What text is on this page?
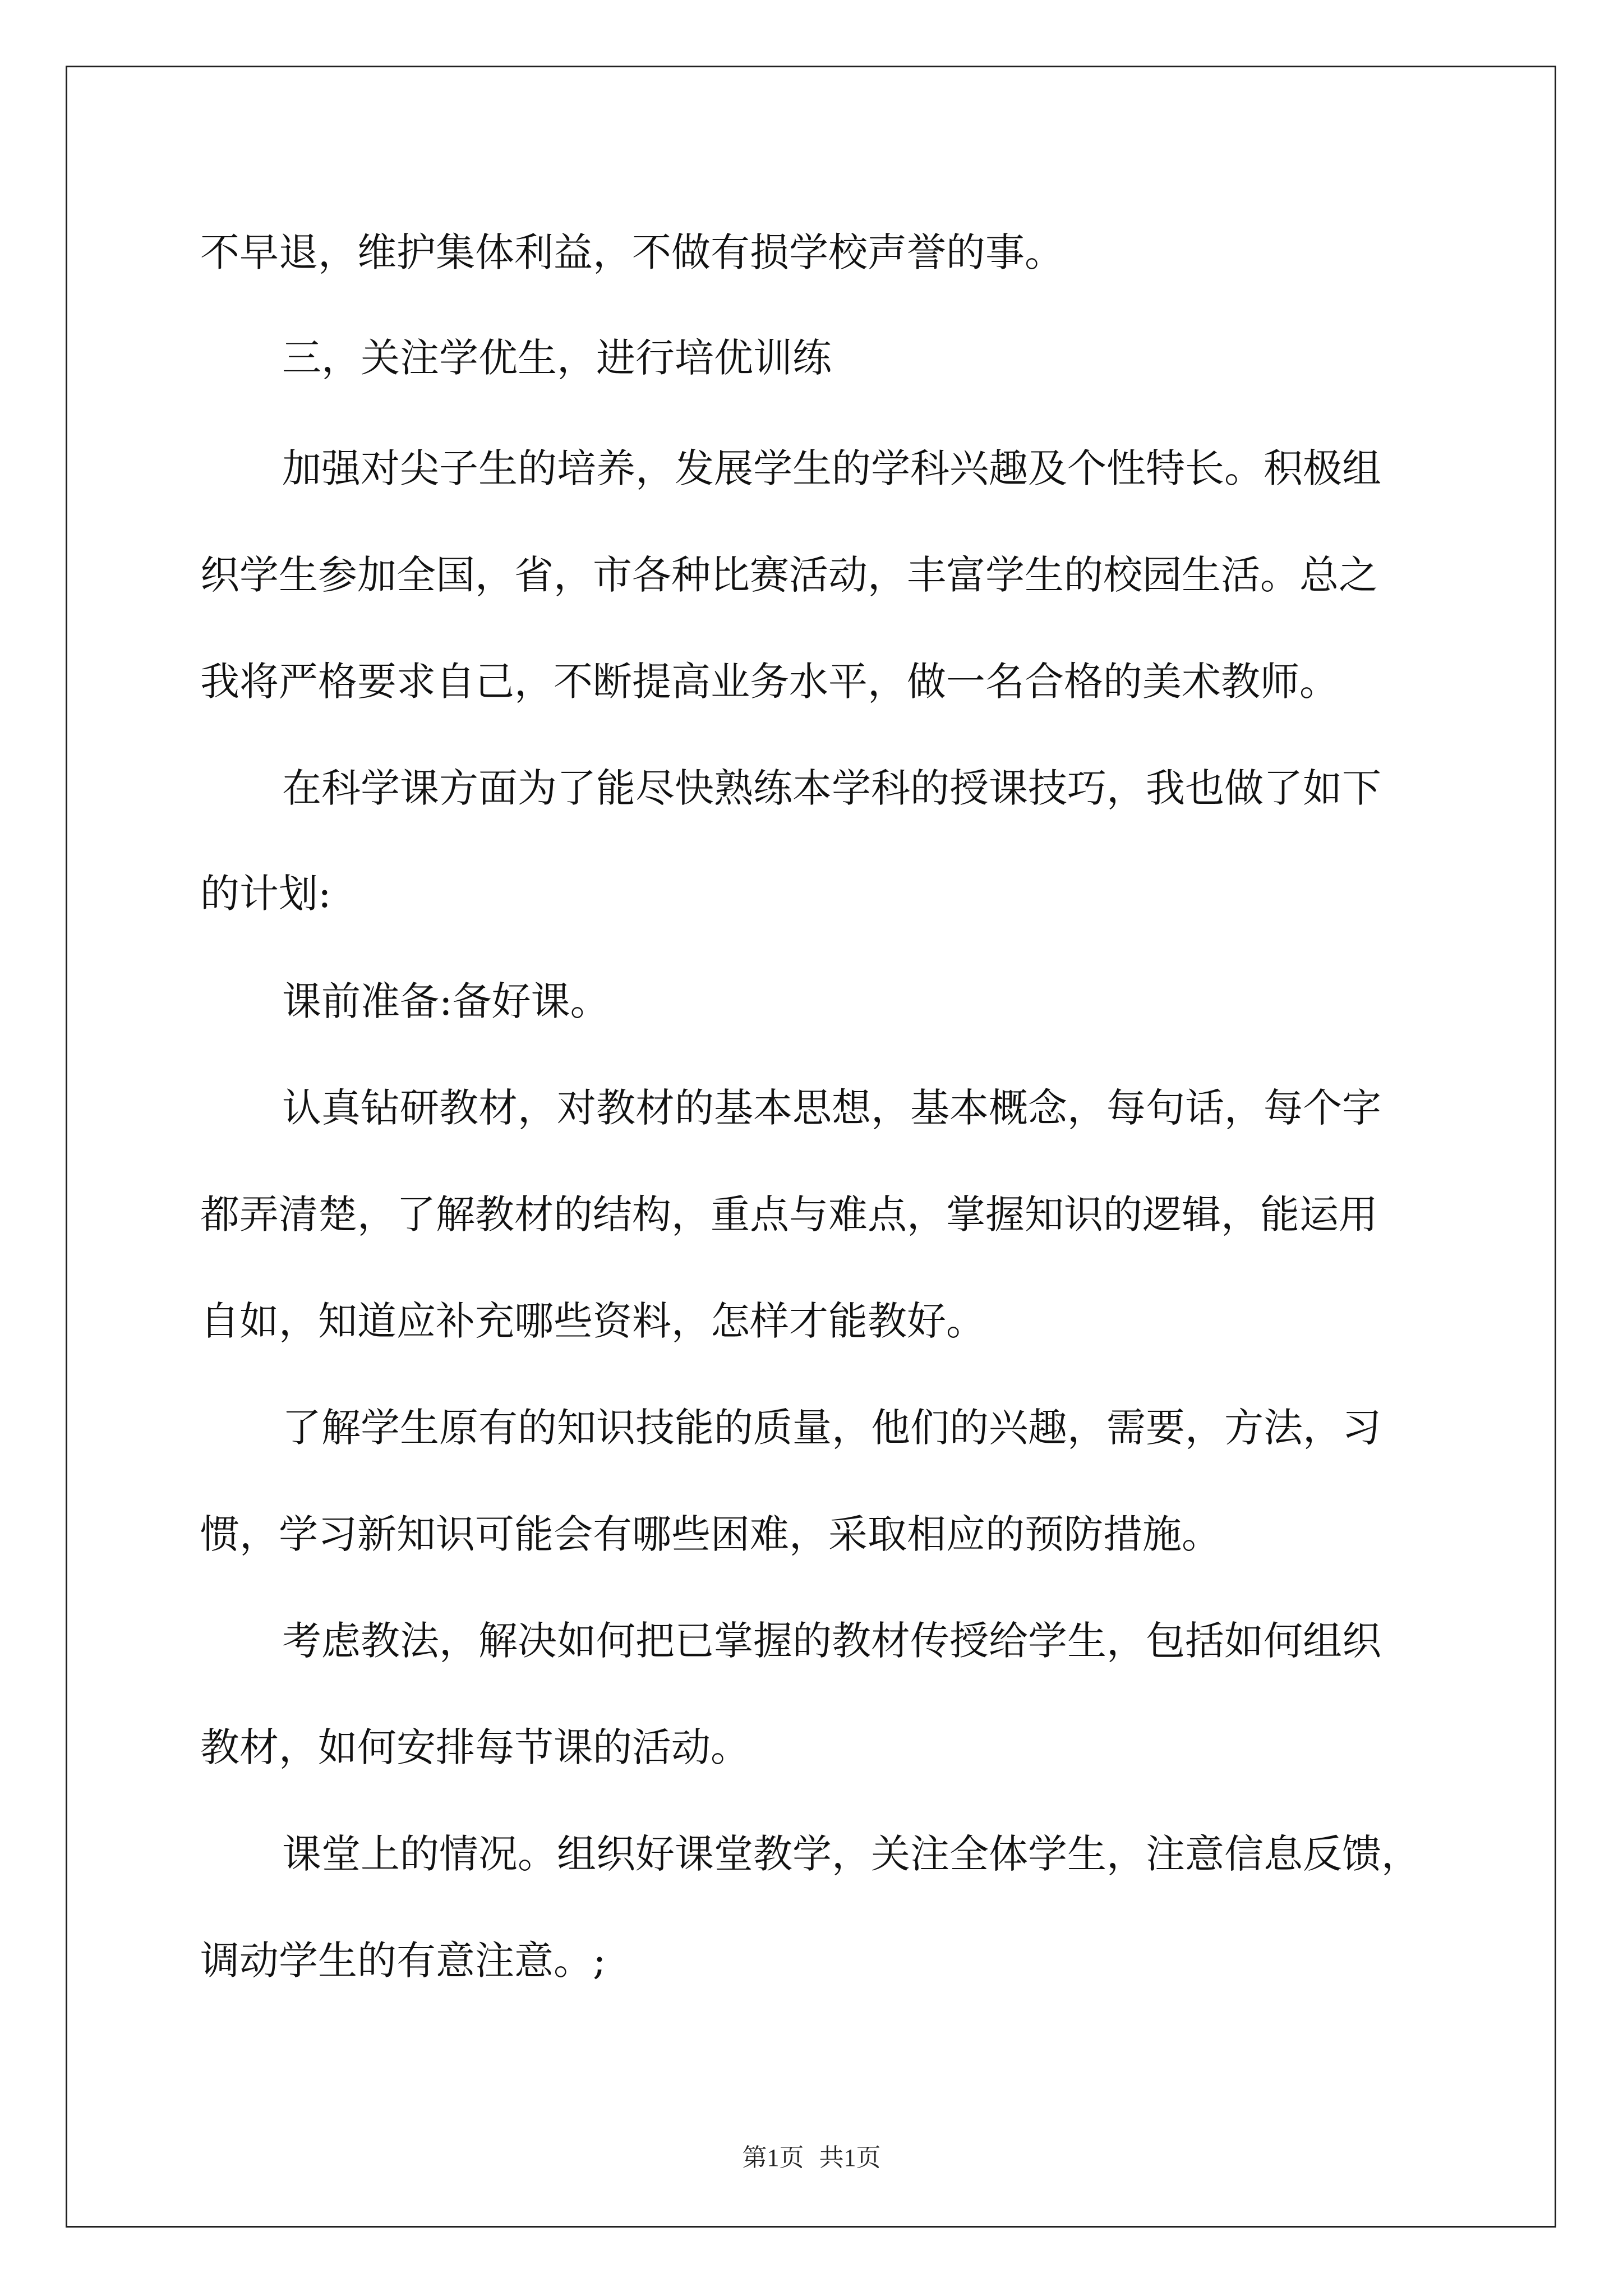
不早退，维护集体利益，不做有损学校声誉的事。
三，关注学优生，进行培优训练
加强对尖子生的培养，发展学生的学科兴趣及个性特长。积极组
织学生参加全国，省，市各种比赛活动，丰富学生的校园生活。总之
我将严格要求自己，不断提高业务水平，做一名合格的美术教师。
在科学课方面为了能尽快熟练本学科的授课技巧，我也做了如下
的计划:
课前准备:备好课。
认真钻研教材，对教材的基本思想，基本概念，每句话，每个字
都弄清楚，了解教材的结构，重点与难点，掌握知识的逻辑，能运用
自如，知道应补充哪些资料，怎样才能教好。
了解学生原有的知识技能的质量，他们的兴趣，需要，方法，习
惯，学习新知识可能会有哪些困难，采取相应的预防措施。
考虑教法，解决如何把已掌握的教材传授给学生，包括如何组织
教材，如何安排每节课的活动。
课堂上的情况。组织好课堂教学，关注全体学生，注意信息反馈，
调动学生的有意注意。;
第1页 共1页
